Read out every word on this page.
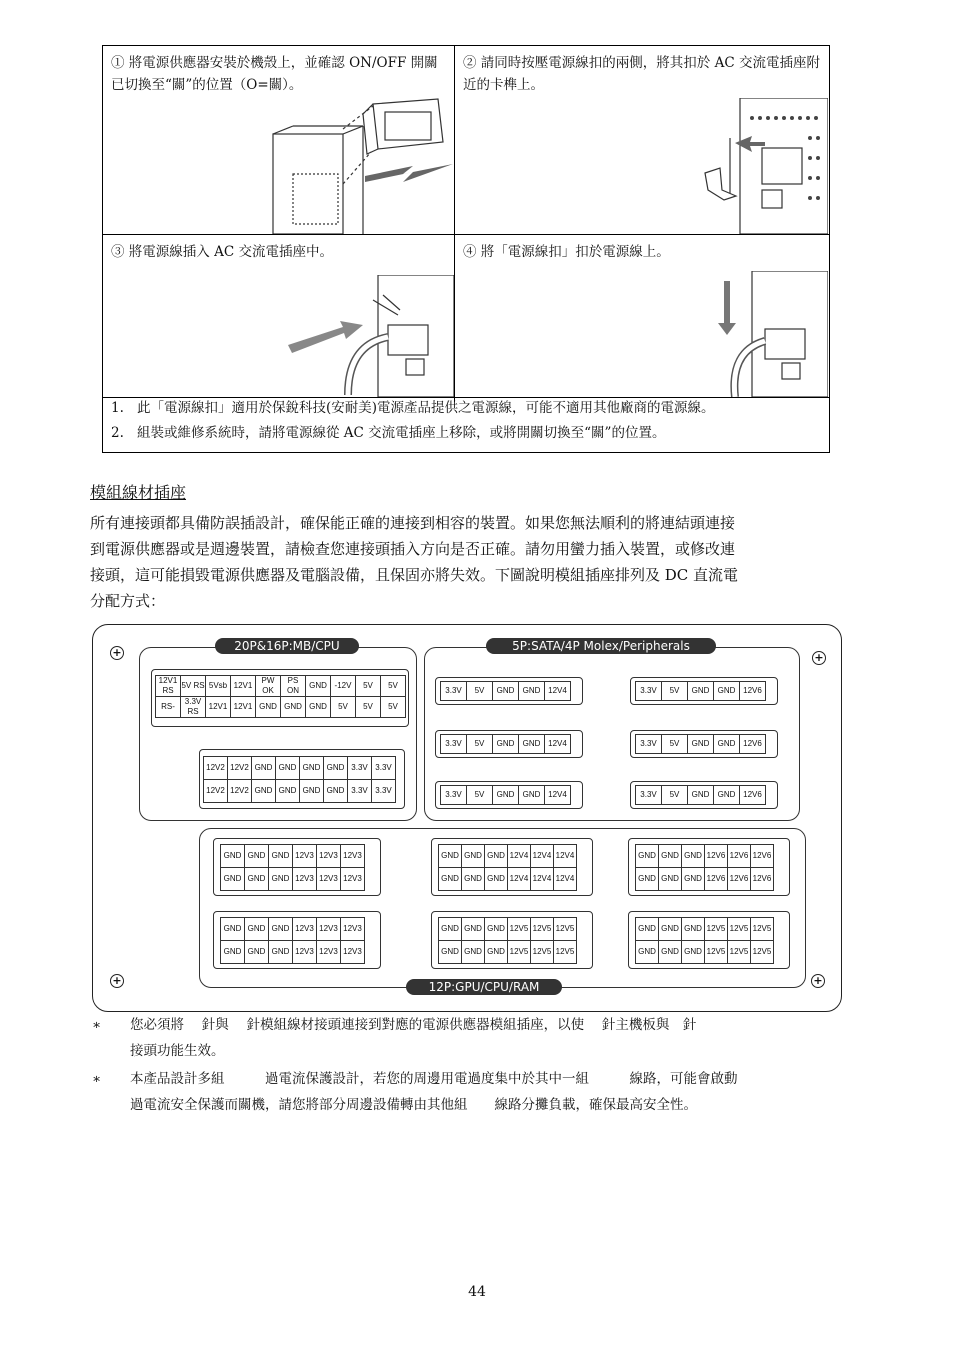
① 將電源供應器安裝於機殼上，並確認 ON/OFF 開關已切換至“關”的位置（O=關）。
② 請同時按壓電源線扣的兩側，將其扣於 AC 交流電插座附近的卡榫上。
③ 將電源線插入 AC 交流電插座中。	④ 將「電源線扣」扣於電源線上。
1. 此「電源線扣」適用於保銳科技(安耐美)電源產品提供之電源線，可能不適用其他廠商的電源線。
2. 組裝或維修系統時，請將電源線從 AC 交流電插座上移除，或將開關切換至“關”的位置。
模組線材插座
所有連接頭都具備防誤插設計，確保能正確的連接到相容的裝置。如果您無法順利的將連結頭連接
到電源供應器或是週邊裝置，請檢查您連接頭插入方向是否正確。請勿用蠻力插入裝置，或修改連
接頭，這可能損毀電源供應器及電腦設備，且保固亦將失效。下圖說明模組插座排列及 DC 直流電
分配方式：
+	+
+	+
20P&16P:MB/CPU	5P:SATA/4P Molex/Peripherals
12P:GPU/CPU/RAM
12V1 RS	5V RS	5Vsb	12V1	PW OK	PS ON	GND	-12V	5V	5V
RS-	3.3V RS	12V1	12V1	GND	GND	GND	5V	5V	5V
12V2	12V2	GND	GND	GND	GND	3.3V	3.3V
12V2	12V2	GND	GND	GND	GND	3.3V	3.3V
3.3V	5V	GND	GND	12V4	3.3V	5V	GND	GND	12V6
3.3V	5V	GND	GND	12V4	3.3V	5V	GND	GND	12V6
3.3V	5V	GND	GND	12V4	3.3V	5V	GND	GND	12V6
GND	GND	GND	12V3	12V3	12V3
GND	GND	GND	12V3	12V3	12V3
GND	GND	GND	12V4	12V4	12V4
GND	GND	GND	12V4	12V4	12V4
GND	GND	GND	12V6	12V6	12V6
GND	GND	GND	12V6	12V6	12V6
GND	GND	GND	12V3	12V3	12V3
GND	GND	GND	12V3	12V3	12V3
GND	GND	GND	12V5	12V5	12V5
GND	GND	GND	12V5	12V5	12V5
GND	GND	GND	12V5	12V5	12V5
GND	GND	GND	12V5	12V5	12V5
∗ 您必須將　 針與　 針模組線材接頭連接到對應的電源供應器模組插座，以使　 針主機板與　針
接頭功能生效。
∗ 本產品設計多組　　　過電流保護設計，若您的周邊用電過度集中於其中一組　　　線路，可能會啟動
過電流安全保護而關機，請您將部分周邊設備轉由其他組　　線路分攤負載，確保最高安全性。
44
